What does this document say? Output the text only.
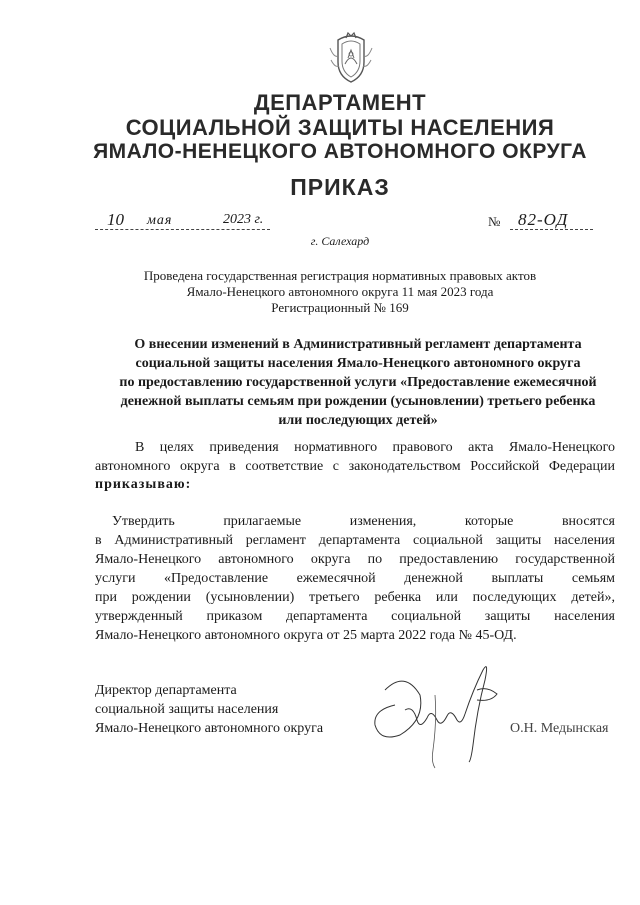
ДЕПАРТАМЕНТ
СОЦИАЛЬНОЙ ЗАЩИТЫ НАСЕЛЕНИЯ
ЯМАЛО-НЕНЕЦКОГО АВТОНОМНОГО ОКРУГА
ПРИКАЗ
10 мая	2023 г.	№ 82-ОД
г. Салехард
Проведена государственная регистрация нормативных правовых актов
Ямало-Ненецкого автономного округа 11 мая 2023 года
Регистрационный № 169
О внесении изменений в Административный регламент департамента
социальной защиты населения Ямало-Ненецкого автономного округа
по предоставлению государственной услуги «Предоставление ежемесячной
денежной выплаты семьям при рождении (усыновлении) третьего ребенка
или последующих детей»
В целях приведения нормативного правового акта Ямало-Ненецкого
автономного округа в соответствие с законодательством Российской Федерации
приказываю:
Утвердить	прилагаемые	изменения,	которые	вносятся
в Административный регламент департамента социальной защиты населения
Ямало-Ненецкого автономного округа по предоставлению государственной
услуги «Предоставление ежемесячной денежной выплаты семьям
при рождении (усыновлении) третьего ребенка или последующих детей»,
утвержденный приказом департамента социальной защиты населения
Ямало-Ненецкого автономного округа от 25 марта 2022 года № 45-ОД.
Директор департамента
социальной защиты населения
Ямало-Ненецкого автономного округа	О.Н. Медынская
